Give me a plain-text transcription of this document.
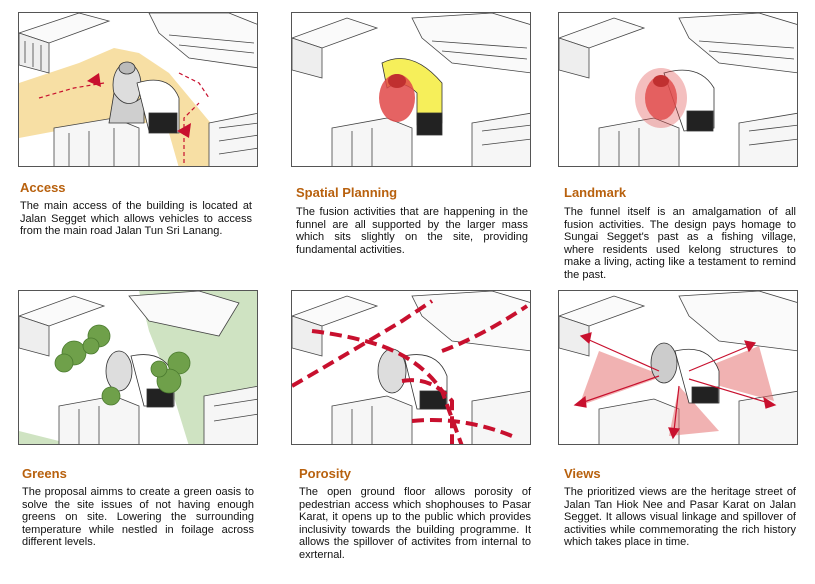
Access
The main access of the building is located at Jalan Segget which allows vehicles to access from the main road Jalan Tun Sri Lanang.
Spatial Planning
The fusion activities that are happening in the funnel are all supported by the larger mass which sits slightly on the site, providing fundamental activities.
Landmark
The funnel itself is an amalgamation of all fusion activities. The design pays homage to Sungai Segget's past as a fishing village, where residents used kelong structures to make a living, acting like a testament to remind the past.
Greens
The proposal aimms to create a green oasis to solve the site issues of not having enough greens on site. Lowering the surrounding temperature while nestled in foilage across different levels.
Porosity
The open ground floor allows porosity of pedestrian access which shophouses to Pasar Karat, it opens up to the public which provides inclusivity towards the building programme. It allows the spillover of activites from internal to exrternal.
Views
The prioritized views are the heritage street of Jalan Tan Hiok Nee and Pasar Karat on Jalan Segget. It allows visual linkage and spillover of activities while commemorating the rich history which takes place in time.
